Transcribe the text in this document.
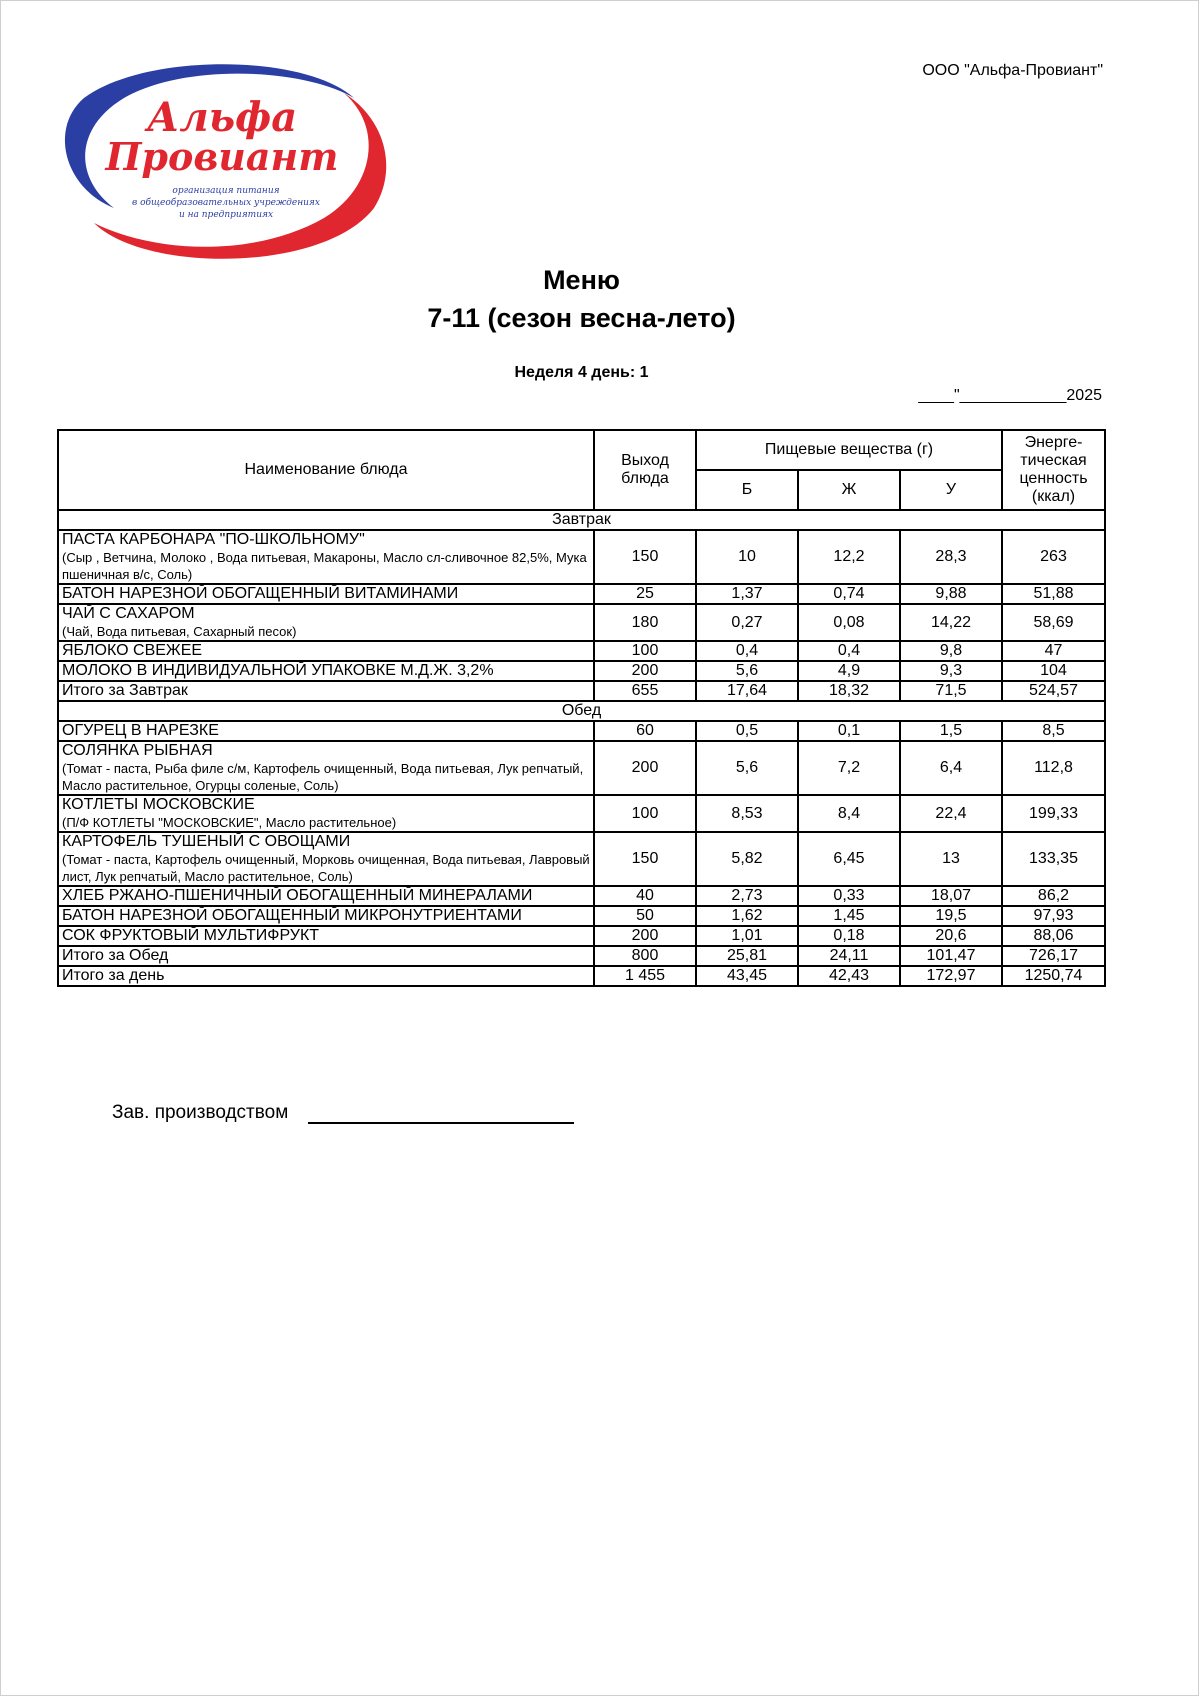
Альфа
Провиант
организация питания
в общеобразовательных учреждениях
и на предприятиях
ООО "Альфа-Провиант"
Меню
7-11 (сезон весна-лето)
Неделя 4 день: 1
____"____________2025
Наименование блюда	Выход блюда	Пищевые вещества (г)			Энерге-тическая ценность (ккал)
		Б	Ж	У	
Завтрак					

ПАСТА КАРБОНАРА "ПО-ШКОЛЬНОМУ"
(Сыр , Ветчина, Молоко , Вода питьевая, Макароны, Масло сл-сливочное 82,5%, Мука пшеничная в/с, Соль)	150	10	12,2	28,3	263

БАТОН НАРЕЗНОЙ ОБОГАЩЕННЫЙ ВИТАМИНАМИ	25	1,37	0,74	9,88	51,88

ЧАЙ С САХАРОМ
(Чай, Вода питьевая, Сахарный песок)	180	0,27	0,08	14,22	58,69

ЯБЛОКО СВЕЖЕЕ	100	0,4	0,4	9,8	47

МОЛОКО В ИНДИВИДУАЛЬНОЙ УПАКОВКЕ М.Д.Ж. 3,2%	200	5,6	4,9	9,3	104
Итого за Завтрак	655	17,64	18,32	71,5	524,57
Обед					

ОГУРЕЦ В НАРЕЗКЕ	60	0,5	0,1	1,5	8,5

СОЛЯНКА РЫБНАЯ
(Томат - паста, Рыба филе с/м, Картофель очищенный, Вода питьевая, Лук репчатый, Масло растительное, Огурцы соленые, Соль)	200	5,6	7,2	6,4	112,8

КОТЛЕТЫ МОСКОВСКИЕ
(П/Ф КОТЛЕТЫ "МОСКОВСКИЕ", Масло растительное)	100	8,53	8,4	22,4	199,33

КАРТОФЕЛЬ ТУШЕНЫЙ С ОВОЩАМИ
(Томат - паста, Картофель очищенный, Морковь очищенная, Вода питьевая, Лавровый лист, Лук репчатый, Масло растительное, Соль)	150	5,82	6,45	13	133,35

ХЛЕБ РЖАНО-ПШЕНИЧНЫЙ ОБОГАЩЕННЫЙ МИНЕРАЛАМИ	40	2,73	0,33	18,07	86,2

БАТОН НАРЕЗНОЙ ОБОГАЩЕННЫЙ МИКРОНУТРИЕНТАМИ	50	1,62	1,45	19,5	97,93

СОК ФРУКТОВЫЙ МУЛЬТИФРУКТ	200	1,01	0,18	20,6	88,06
Итого за Обед	800	25,81	24,11	101,47	726,17
Итого за день	1 455	43,45	42,43	172,97	1250,74
Зав. производством
